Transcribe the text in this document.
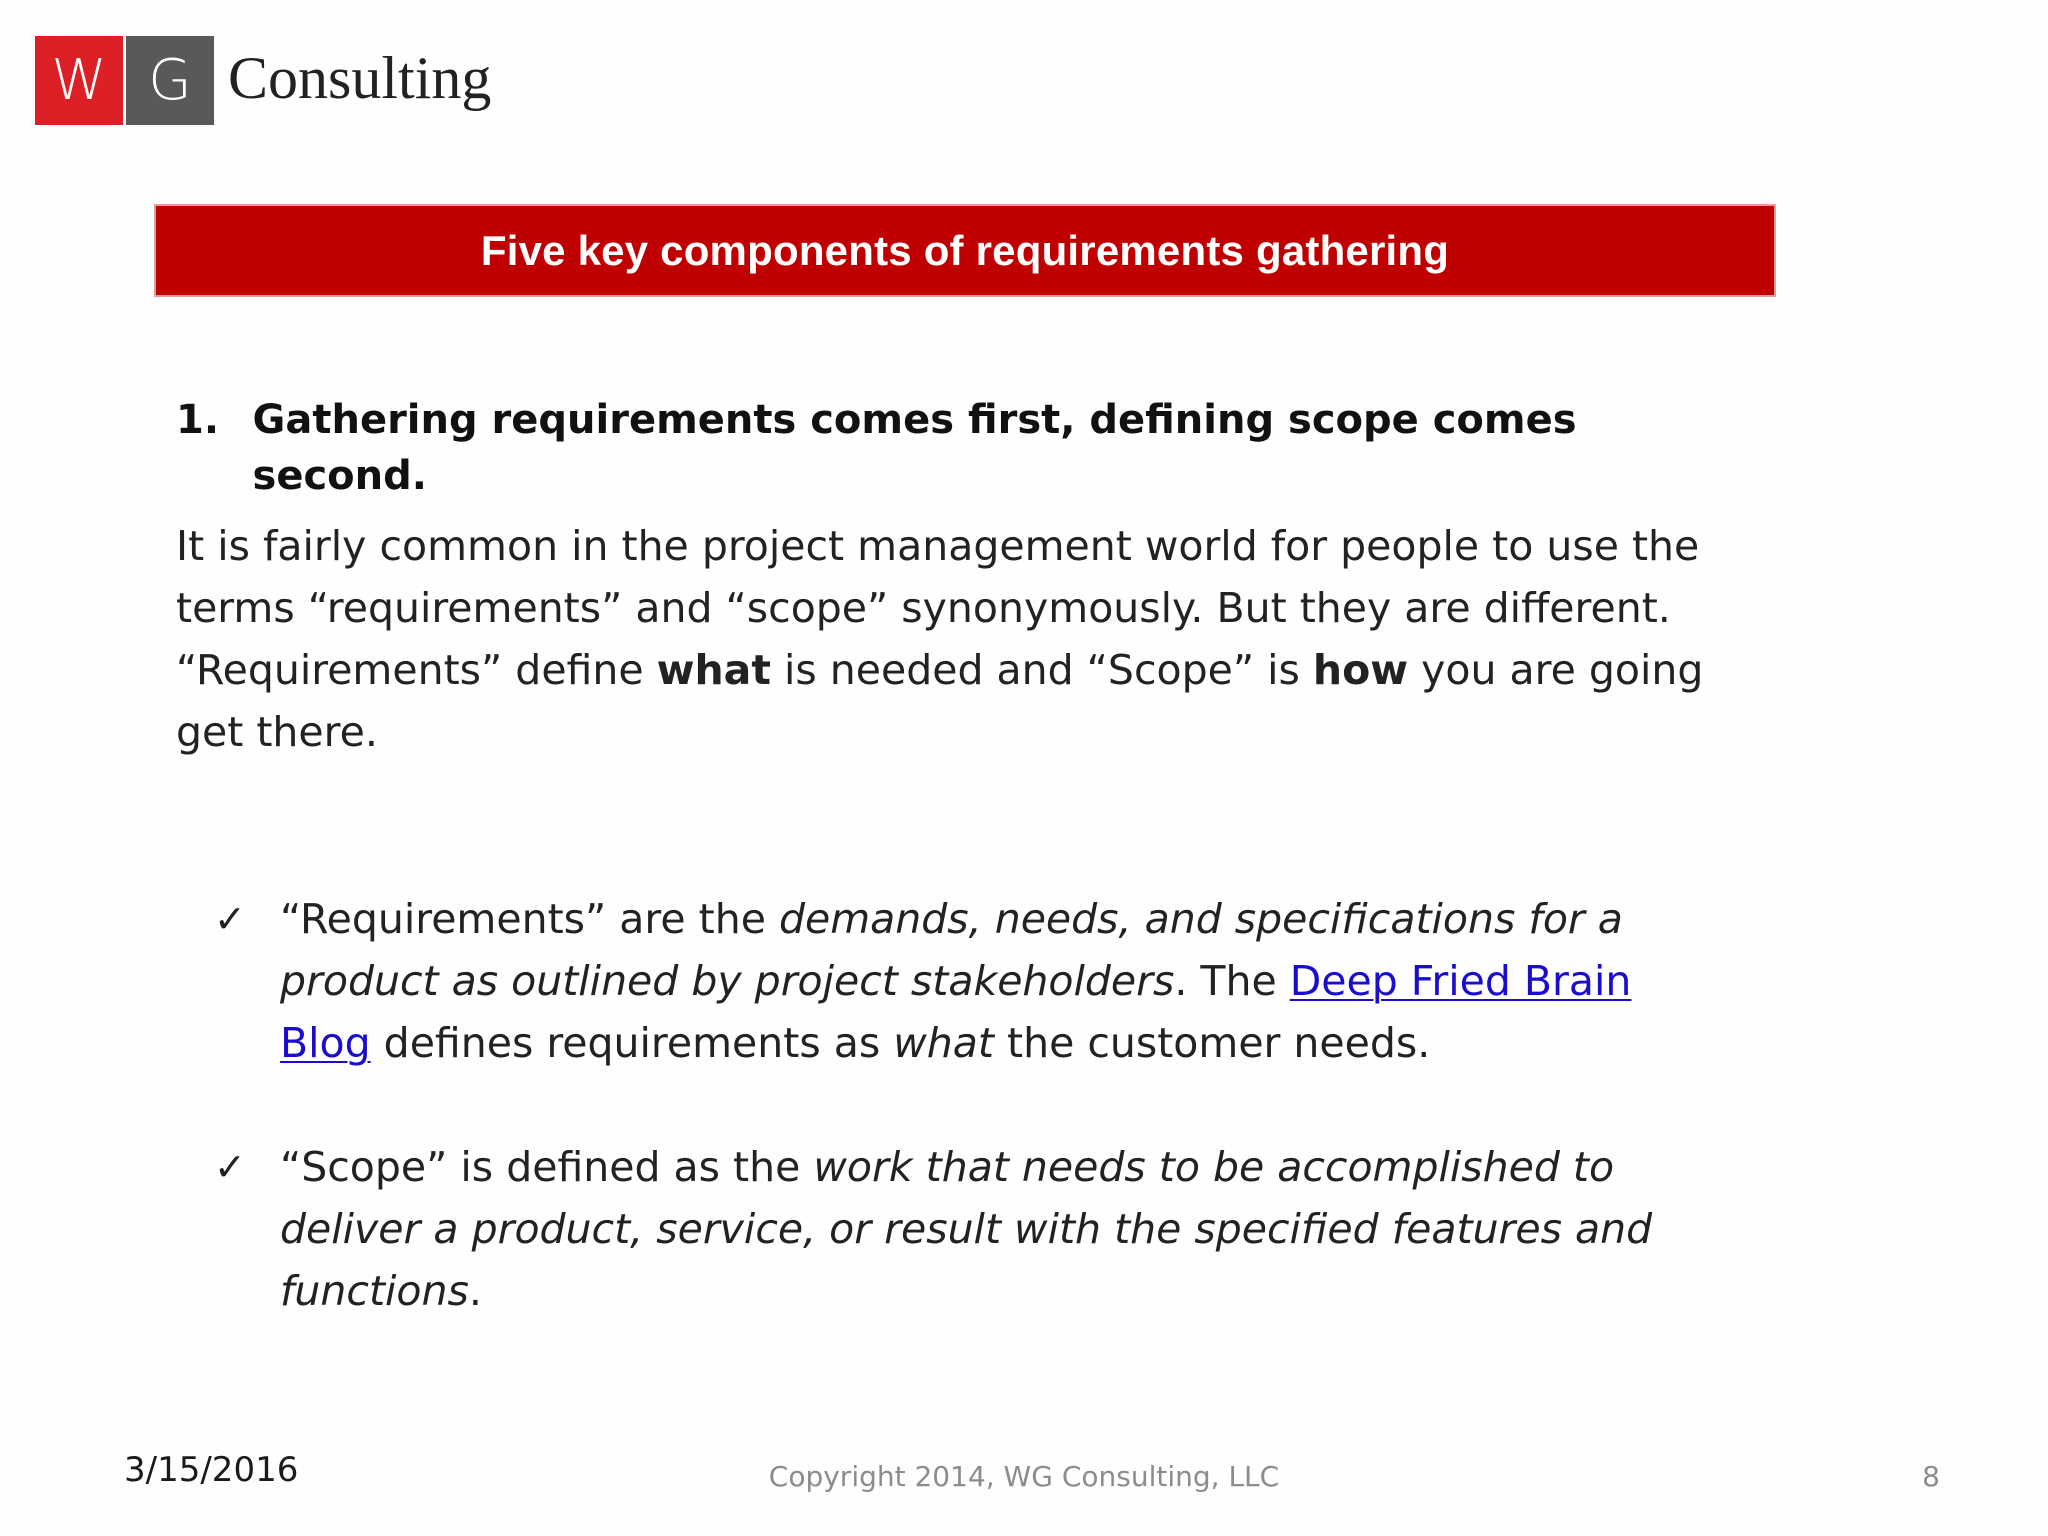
W G Consulting
Five key components of requirements gathering
1. Gathering requirements comes first, defining scope comes second.

It is fairly common in the project management world for people to use the terms “requirements” and “scope” synonymously. But they are different. “Requirements” define what is needed and “Scope” is how you are going get there.

✓ “Requirements” are the demands, needs, and specifications for a product as outlined by project stakeholders. The Deep Fried Brain Blog defines requirements as what the customer needs.
✓ “Scope” is defined as the work that needs to be accomplished to deliver a product, service, or result with the specified features and functions.
3/15/2016	Copyright 2014, WG Consulting, LLC	8
